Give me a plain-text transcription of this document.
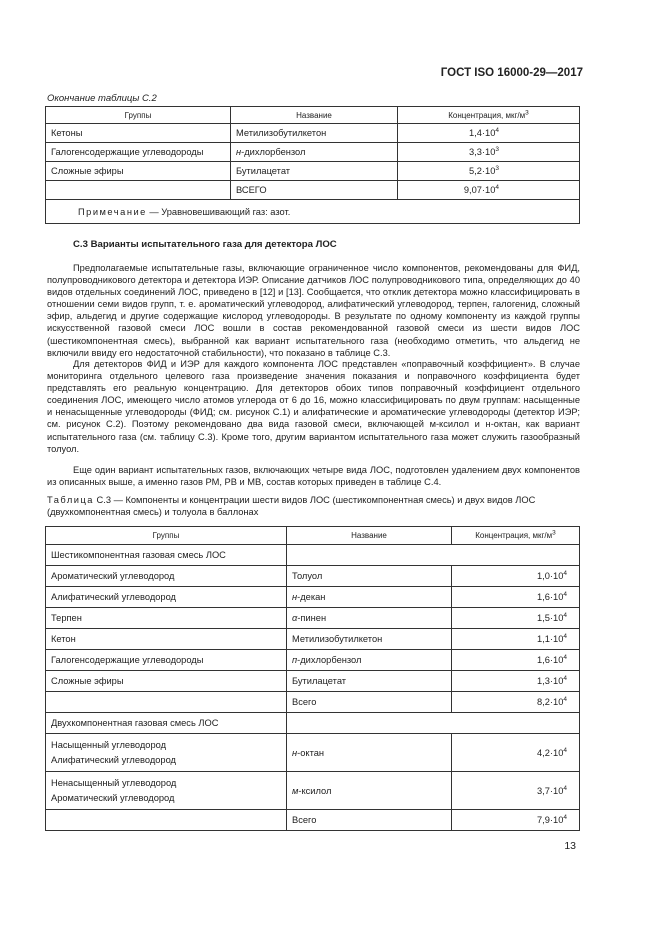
ГОСТ ISO 16000-29—2017
Окончание таблицы С.2
Группы	Название	Концентрация, мкг/$м^3$
Кетоны	Метилизобутилкетон	$1,4\cdot 10^4$
Галогенсодержащие углеводороды	н-дихлорбензол	$3,3\cdot 10^3$
Сложные эфиры	Бутилацетат	$5,2\cdot 10^3$
	ВСЕГО	$9,07\cdot 10^4$
Примечание — Уравновешивающий газ: азот.		
С.3 Варианты испытательного газа для детектора ЛОС

Предполагаемые испытательные газы, включающие ограниченное число компонентов, рекомендованы для ФИД, полупроводникового детектора и детектора ИЭР. Описание датчиков ЛОС полупроводникового типа, определяющих до 40 видов отдельных соединений ЛОС, приведено в [12] и [13]. Сообщается, что отклик детектора можно классифицировать в отношении семи видов групп, т. е. ароматический углеводород, алифатический углеводород, терпен, галогенид, сложный эфир, альдегид и другие содержащие кислород углеводороды. В результате по одному компоненту из каждой группы искусственной газовой смеси ЛОС вошли в состав рекомендованной газовой смеси из шести видов ЛОС (шестикомпонентная смесь), выбранной как вариант испытательного газа (необходимо отметить, что альдегид не включили ввиду его недостаточной стабильности), что показано в таблице С.3.

Для детекторов ФИД и ИЭР для каждого компонента ЛОС представлен «поправочный коэффициент». В случае мониторинга отдельного целевого газа произведение значения показания и поправочного коэффициента будет представлять его реальную концентрацию. Для детекторов обоих типов поправочный коэффициент отдельного соединения ЛОС, имеющего число атомов углерода от 6 до 16, можно классифицировать по двум группам: насыщенные и ненасыщенные углеводороды (ФИД; см. рисунок С.1) и алифатические и ароматические углеводороды (детектор ИЭР; см. рисунок С.2). Поэтому рекомендовано два вида газовой смеси, включающей м-ксилол и н-октан, как вариант испытательного газа (см. таблицу С.3). Кроме того, другим вариантом испытательного газа может служить газообразный толуол.

Еще один вариант испытательных газов, включающих четыре вида ЛОС, подготовлен удалением двух компонентов из описанных выше, а именно газов РМ, РВ и МВ, состав которых приведен в таблице С.4.

Таблица С.3 — Компоненты и концентрации шести видов ЛОС (шестикомпонентная смесь) и двух видов ЛОС (двухкомпонентная смесь) и толуола в баллонах
Группы	Название	Концентрация, мкг/$м^3$
Шестикомпонентная газовая смесь ЛОС		
Ароматический углеводород	Толуол	$1,0\cdot 10^4$
Алифатический углеводород	н-декан	$1,6\cdot 10^4$
Терпен	α-пинен	$1,5\cdot 10^4$
Кетон	Метилизобутилкетон	$1,1\cdot 10^4$
Галогенсодержащие углеводороды	п-дихлорбензол	$1,6\cdot 10^4$
Сложные эфиры	Бутилацетат	$1,3\cdot 10^4$
	Всего	$8,2\cdot 10^4$
Двухкомпонентная газовая смесь ЛОС		
Насыщенный углеводород
Алифатический углеводород	н-октан	$4,2\cdot 10^4$
Ненасыщенный углеводород
Ароматический углеводород	м-ксилол	$3,7\cdot 10^4$
	Всего	$7,9\cdot 10^4$
13
